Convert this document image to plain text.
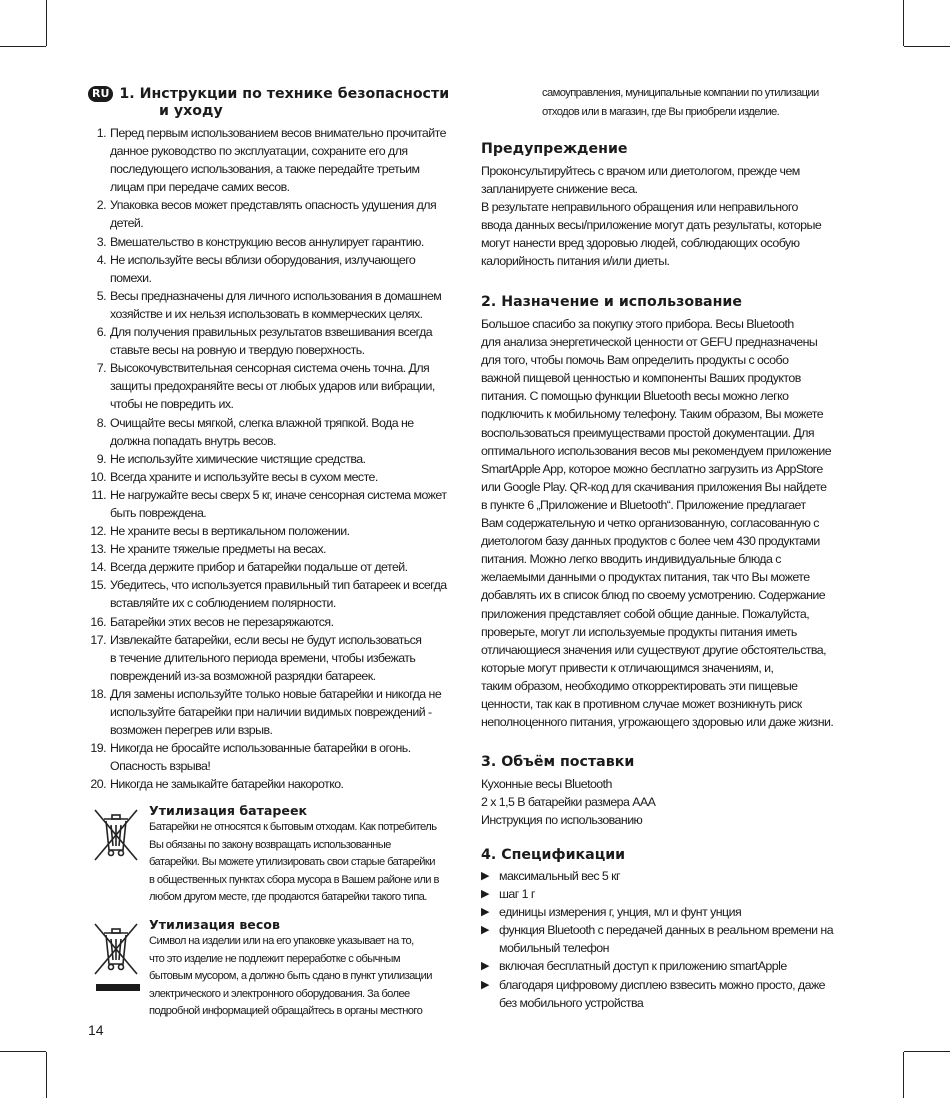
RU 1. Инструкции по технике безопасности
и уходу
1. Перед первым использованием весов внимательно прочитайте
данное руководство по эксплуатации, сохраните его для
последующего использования, а также передайте третьим
лицам при передаче самих весов.
2. Упаковка весов может представлять опасность удушения для
детей.
3. Вмешательство в конструкцию весов аннулирует гарантию.
4. Не используйте весы вблизи оборудования, излучающего
помехи.
5. Весы предназначены для личного использования в домашнем
хозяйстве и их нельзя использовать в коммерческих целях.
6. Для получения правильных результатов взвешивания всегда
ставьте весы на ровную и твердую поверхность.
7. Высокочувствительная сенсорная система очень точна. Для
защиты предохраняйте весы от любых ударов или вибрации,
чтобы не повредить их.
8. Очищайте весы мягкой, слегка влажной тряпкой. Вода не
должна попадать внутрь весов.
9. Не используйте химические чистящие средства.
10. Всегда храните и используйте весы в сухом месте.
11. Не нагружайте весы сверх 5 кг, иначе сенсорная система может
быть повреждена.
12. Не храните весы в вертикальном положении.
13. Не храните тяжелые предметы на весах.
14. Всегда держите прибор и батарейки подальше от детей.
15. Убедитесь, что используется правильный тип батареек и всегда
вставляйте их с соблюдением полярности.
16. Батарейки этих весов не перезаряжаются.
17. Извлекайте батарейки, если весы не будут использоваться
в течение длительного периода времени, чтобы избежать
повреждений из-за возможной разрядки батареек.
18. Для замены используйте только новые батарейки и никогда не
используйте батарейки при наличии видимых повреждений -
возможен перегрев или взрыв.
19. Никогда не бросайте использованные батарейки в огонь.
Опасность взрыва!
20. Никогда не замыкайте батарейки накоротко.
Утилизация батареек
Батарейки не относятся к бытовым отходам. Как потребитель
Вы обязаны по закону возвращать использованные
батарейки. Вы можете утилизировать свои старые батарейки
в общественных пунктах сбора мусора в Вашем районе или в
любом другом месте, где продаются батарейки такого типа.
Утилизация весов
Символ на изделии или на его упаковке указывает на то,
что это изделие не подлежит переработке с обычным
бытовым мусором, а должно быть сдано в пункт утилизации
электрического и электронного оборудования. За более
подробной информацией обращайтесь в органы местного
самоуправления, муниципальные компании по утилизации
отходов или в магазин, где Вы приобрели изделие.
Предупреждение
Проконсультируйтесь с врачом или диетологом, прежде чем
запланируете снижение веса.
В результате неправильного обращения или неправильного
ввода данных весы/приложение могут дать результаты, которые
могут нанести вред здоровью людей, соблюдающих особую
калорийность питания и/или диеты.
2. Назначение и использование
Большое спасибо за покупку этого прибора. Весы Bluetooth
для анализа энергетической ценности от GEFU предназначены
для того, чтобы помочь Вам определить продукты с особо
важной пищевой ценностью и компоненты Ваших продуктов
питания. С помощью функции Bluetooth весы можно легко
подключить к мобильному телефону. Таким образом, Вы можете
воспользоваться преимуществами простой документации. Для
оптимального использования весов мы рекомендуем приложение
SmartApple App, которое можно бесплатно загрузить из AppStore
или Google Play. QR-код для скачивания приложения Вы найдете
в пункте 6 „Приложение и Bluetooth“. Приложение предлагает
Вам содержательную и четко организованную, согласованную с
диетологом базу данных продуктов с более чем 430 продуктами
питания. Можно легко вводить индивидуальные блюда с
желаемыми данными о продуктах питания, так что Вы можете
добавлять их в список блюд по своему усмотрению. Содержание
приложения представляет собой общие данные. Пожалуйста,
проверьте, могут ли используемые продукты питания иметь
отличающиеся значения или существуют другие обстоятельства,
которые могут привести к отличающимся значениям, и,
таким образом, необходимо откорректировать эти пищевые
ценности, так как в противном случае может возникнуть риск
неполноценного питания, угрожающего здоровью или даже жизни.
3. Объём поставки
Кухонные весы Bluetooth
2 x 1,5 В батарейки размера AAA
Инструкция по использованию
4. Спецификации
▶ максимальный вес 5 кг
▶ шаг 1 г
▶ единицы измерения г, унция, мл и фунт унция
▶ функция Bluetooth с передачей данных в реальном времени на
мобильный телефон
▶ включая бесплатный доступ к приложению smartApple
▶ благодаря цифровому дисплею взвесить можно просто, даже
без мобильного устройства
14
